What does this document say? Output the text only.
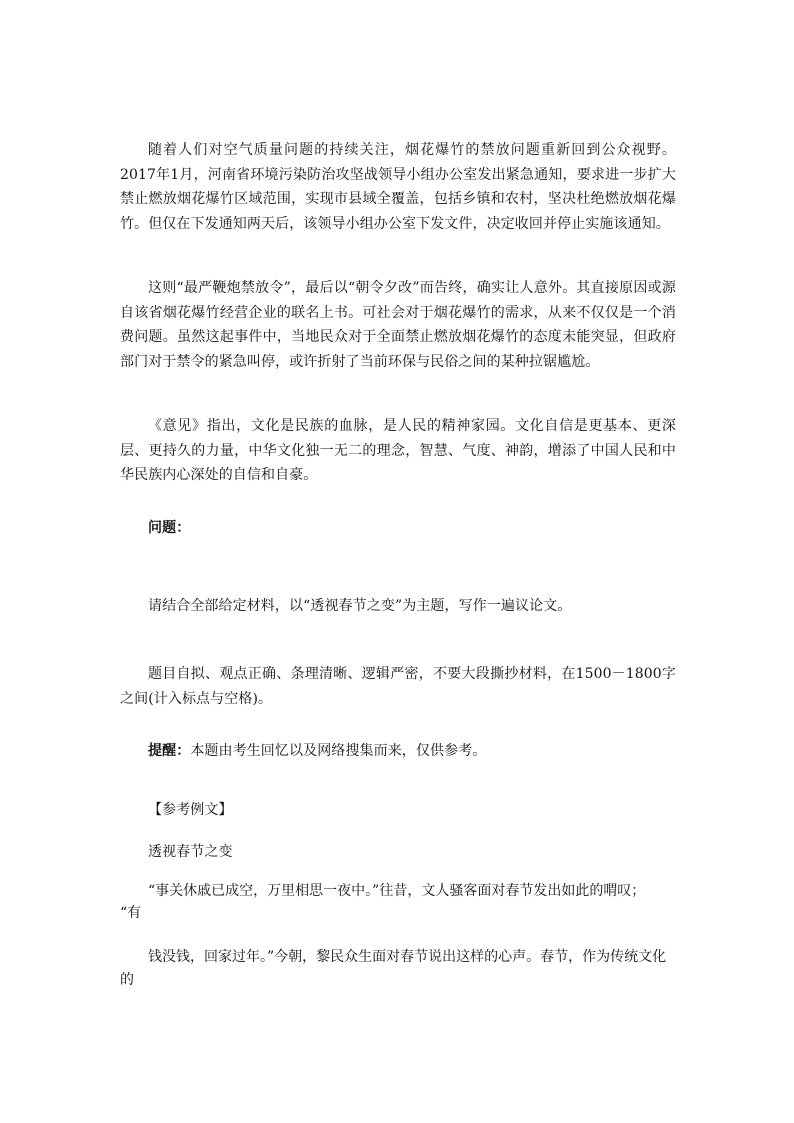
随着人们对空气质量问题的持续关注，烟花爆竹的禁放问题重新回到公众视野。2017年1月，河南省环境污染防治攻坚战领导小组办公室发出紧急通知，要求进一步扩大禁止燃放烟花爆竹区域范围，实现市县域全覆盖，包括乡镇和农村，坚决杜绝燃放烟花爆竹。但仅在下发通知两天后，该领导小组办公室下发文件，决定收回并停止实施该通知。

这则“最严鞭炮禁放令”，最后以“朝令夕改”而告终，确实让人意外。其直接原因或源自该省烟花爆竹经营企业的联名上书。可社会对于烟花爆竹的需求，从来不仅仅是一个消费问题。虽然这起事件中，当地民众对于全面禁止燃放烟花爆竹的态度未能突显，但政府部门对于禁令的紧急叫停，或许折射了当前环保与民俗之间的某种拉锯尴尬。

《意见》指出，文化是民族的血脉，是人民的精神家园。文化自信是更基本、更深层、更持久的力量，中华文化独一无二的理念，智慧、气度、神韵，增添了中国人民和中华民族内心深处的自信和自豪。

问题：

请结合全部给定材料，以“透视春节之变”为主题，写作一遍议论文。

题目自拟、观点正确、条理清晰、逻辑严密，不要大段撕抄材料，在1500－1800字之间(计入标点与空格)。

提醒：本题由考生回忆以及网络搜集而来，仅供参考。
【参考例文】
透视春节之变
“事关休戚已成空，万里相思一夜中。”往昔，文人骚客面对春节发出如此的喟叹；
“有
钱没钱，回家过年。”今朝，黎民众生面对春节说出这样的心声。春节，作为传统文化
的
